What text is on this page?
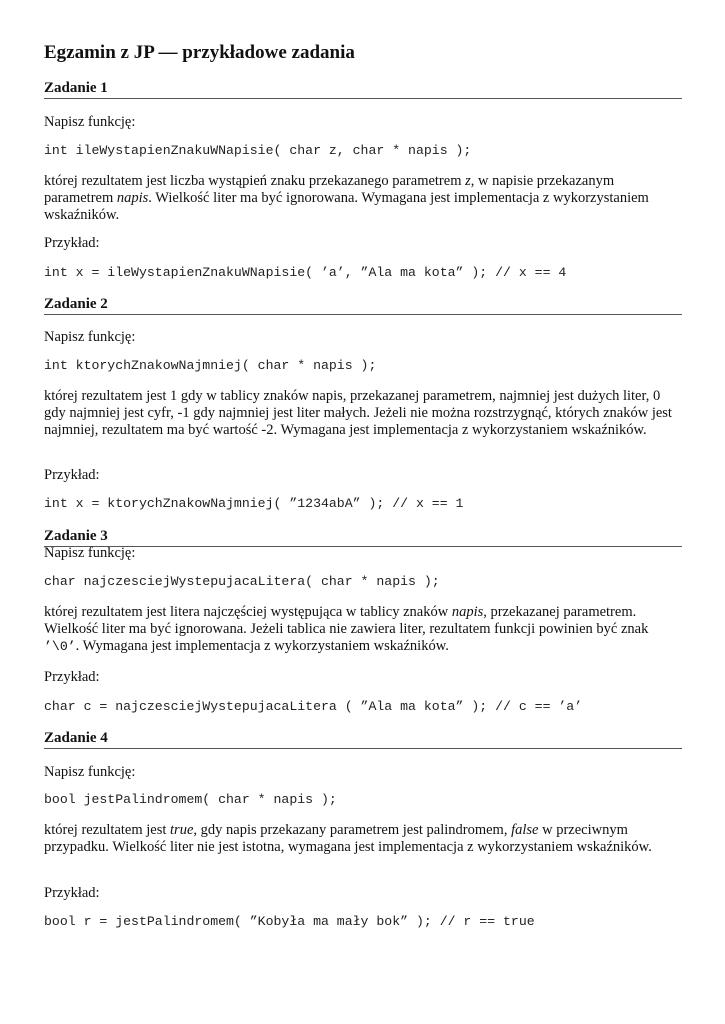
Egzamin z JP — przykładowe zadania
Zadanie 1

Napisz funkcję:

int ileWystapienZnakuWNapisie( char z, char * napis );

której rezultatem jest liczba wystąpień znaku przekazanego parametrem z, w napisie przekazanym parametrem napis. Wielkość liter ma być ignorowana. Wymagana jest implementacja z wykorzystaniem wskaźników.

Przykład:

int x = ileWystapienZnakuWNapisie( ’a’, ”Ala ma kota” ); // x == 4
Zadanie 2

Napisz funkcję:

int ktorychZnakowNajmniej( char * napis );

której rezultatem jest 1 gdy w tablicy znaków napis, przekazanej parametrem, najmniej jest dużych liter, 0 gdy najmniej jest cyfr, -1 gdy najmniej jest liter małych. Jeżeli nie można rozstrzygnąć, których znaków jest najmniej, rezultatem ma być wartość -2. Wymagana jest implementacja z wykorzystaniem wskaźników.

Przykład:

int x = ktorychZnakowNajmniej( ”1234abA” ); // x == 1
Zadanie 3

Napisz funkcję:

char najczesciejWystepujacaLitera( char * napis );

której rezultatem jest litera najczęściej występująca w tablicy znaków napis, przekazanej parametrem. Wielkość liter ma być ignorowana. Jeżeli tablica nie zawiera liter, rezultatem funkcji powinien być znak ’\0’. Wymagana jest implementacja z wykorzystaniem wskaźników.

Przykład:

char c = najczesciejWystepujacaLitera ( ”Ala ma kota” ); // c == ’a’
Zadanie 4

Napisz funkcję:

bool jestPalindromem( char * napis );

której rezultatem jest true, gdy napis przekazany parametrem jest palindromem, false w przeciwnym przypadku. Wielkość liter nie jest istotna, wymagana jest implementacja z wykorzystaniem wskaźników.

Przykład:

bool r = jestPalindromem( ”Kobyła ma mały bok” ); // r == true
